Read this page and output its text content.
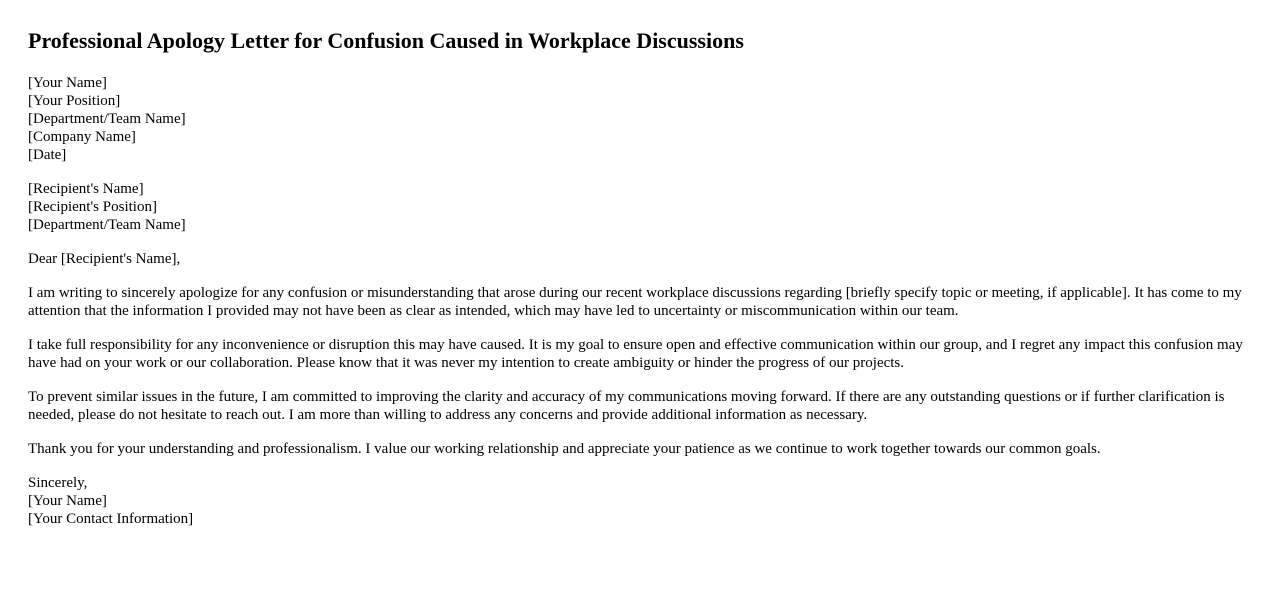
Professional Apology Letter for Confusion Caused in Workplace Discussions
[Your Name]
[Your Position]
[Department/Team Name]
[Company Name]
[Date]
[Recipient's Name]
[Recipient's Position]
[Department/Team Name]

Dear [Recipient's Name],

I am writing to sincerely apologize for any confusion or misunderstanding that arose during our recent workplace discussions regarding [briefly specify topic or meeting, if applicable]. It has come to my attention that the information I provided may not have been as clear as intended, which may have led to uncertainty or miscommunication within our team.

I take full responsibility for any inconvenience or disruption this may have caused. It is my goal to ensure open and effective communication within our group, and I regret any impact this confusion may have had on your work or our collaboration. Please know that it was never my intention to create ambiguity or hinder the progress of our projects.

To prevent similar issues in the future, I am committed to improving the clarity and accuracy of my communications moving forward. If there are any outstanding questions or if further clarification is needed, please do not hesitate to reach out. I am more than willing to address any concerns and provide additional information as necessary.

Thank you for your understanding and professionalism. I value our working relationship and appreciate your patience as we continue to work together towards our common goals.

Sincerely,
[Your Name]
[Your Contact Information]
